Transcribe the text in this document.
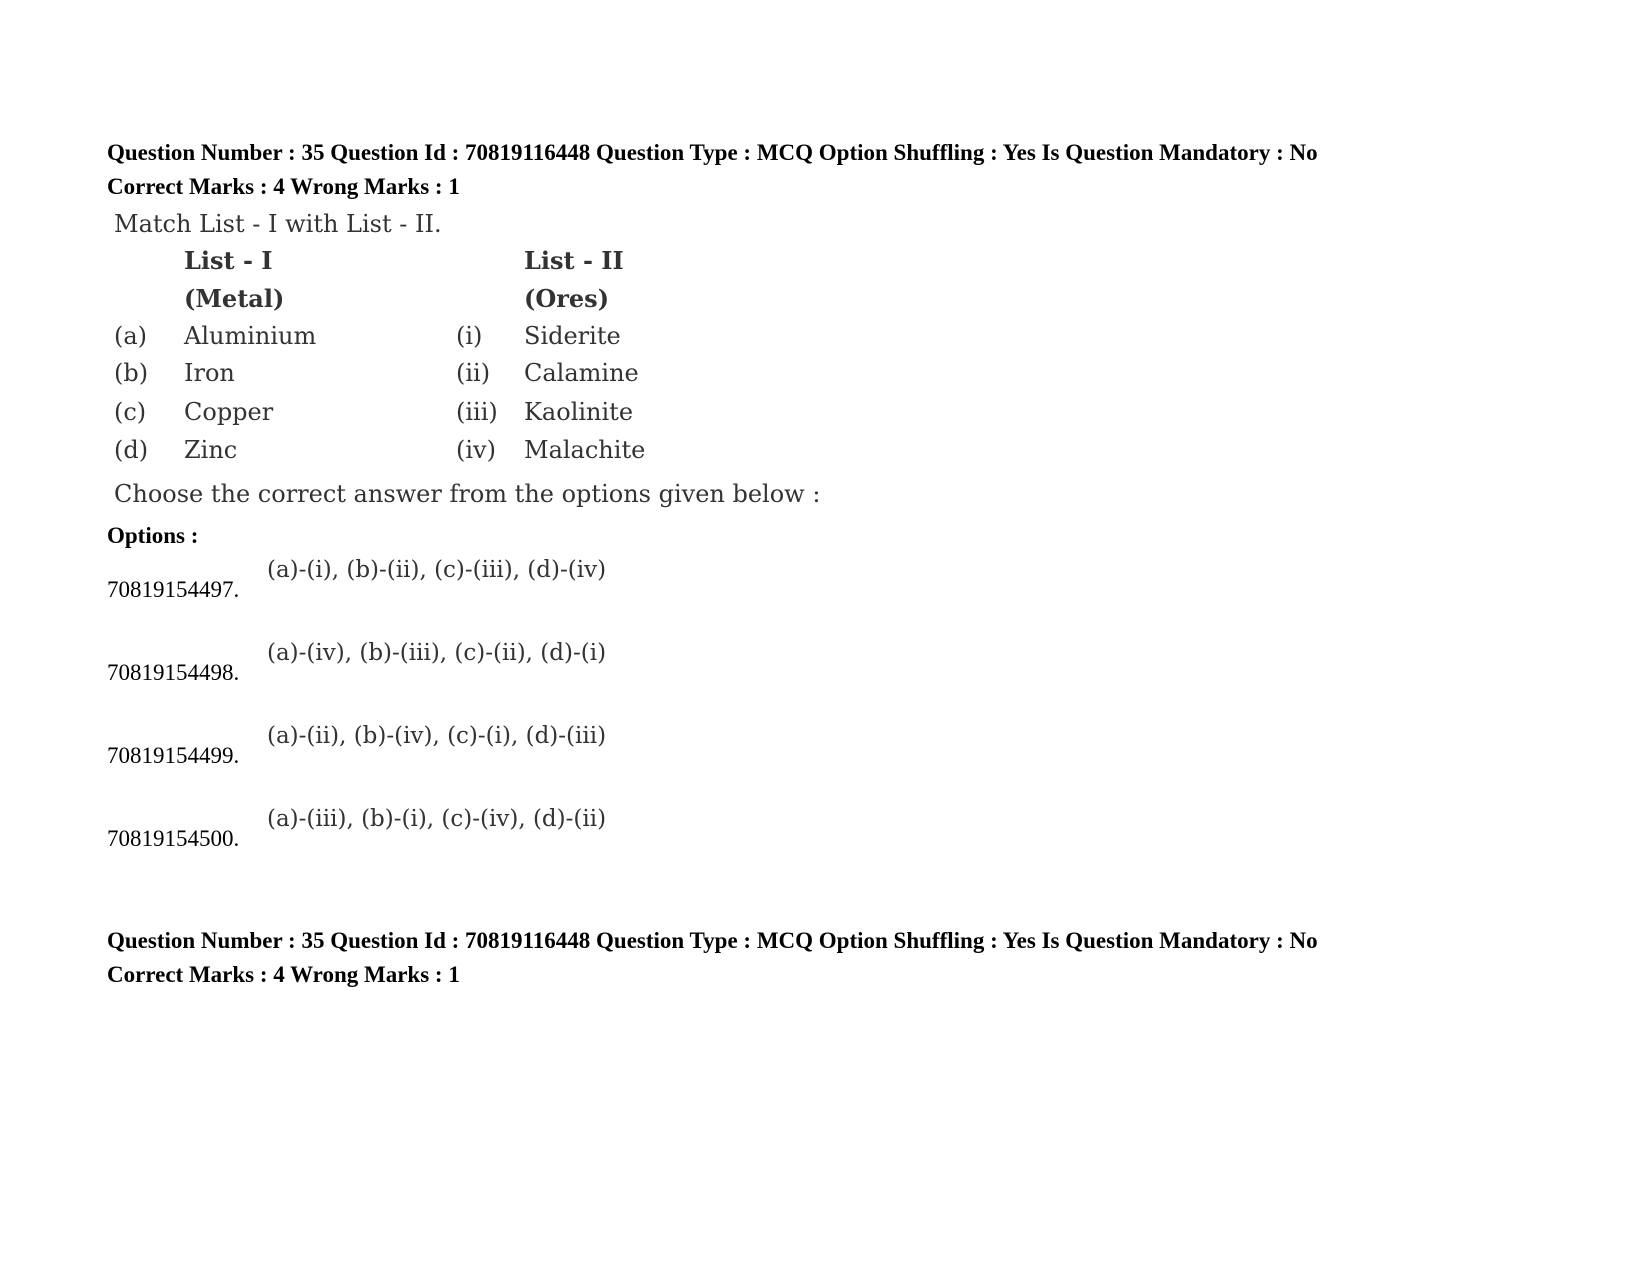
Question Number : 35 Question Id : 70819116448 Question Type : MCQ Option Shuffling : Yes Is Question Mandatory : No
Correct Marks : 4 Wrong Marks : 1
Match List - I with List - II.
List - I	List - II
(Metal)	(Ores)
(a) Aluminium	(i) Siderite
(b) Iron	(ii) Calamine
(c) Copper	(iii) Kaolinite
(d) Zinc	(iv) Malachite
Choose the correct answer from the options given below :
Options :
70819154497.
(a)-(i), (b)-(ii), (c)-(iii), (d)-(iv)
70819154498.
(a)-(iv), (b)-(iii), (c)-(ii), (d)-(i)
70819154499.
(a)-(ii), (b)-(iv), (c)-(i), (d)-(iii)
70819154500.
(a)-(iii), (b)-(i), (c)-(iv), (d)-(ii)
Question Number : 35 Question Id : 70819116448 Question Type : MCQ Option Shuffling : Yes Is Question Mandatory : No
Correct Marks : 4 Wrong Marks : 1
